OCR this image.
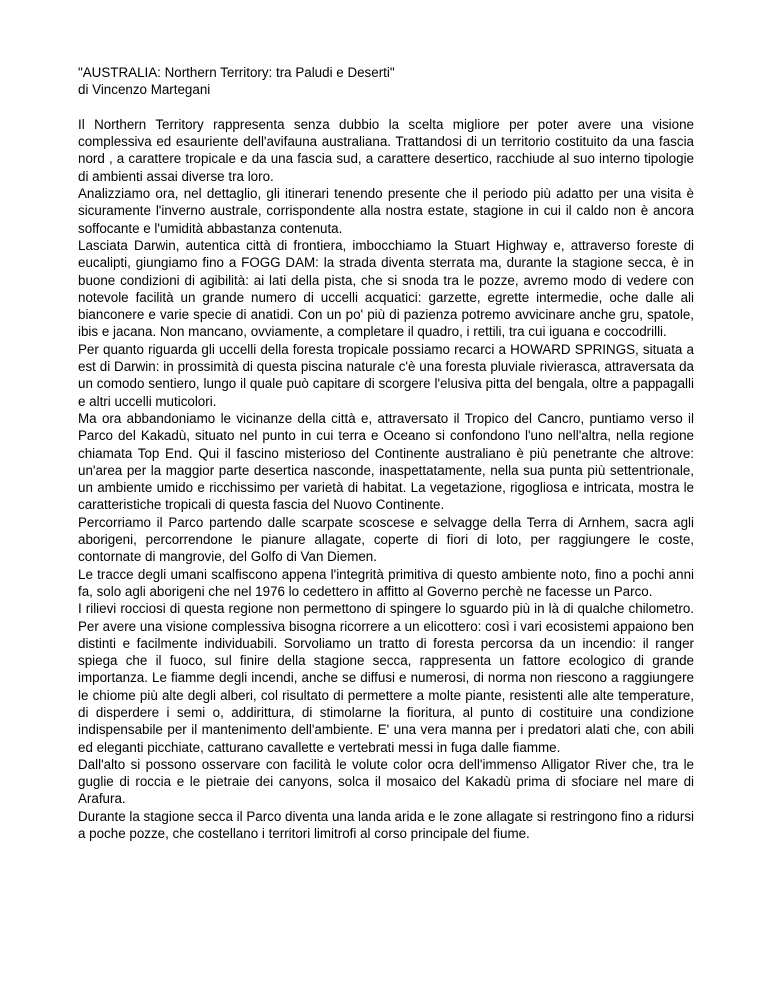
"AUSTRALIA: Northern Territory: tra Paludi e Deserti"

di Vincenzo Martegani

Il Northern Territory rappresenta senza dubbio la scelta migliore per poter avere una visione complessiva ed esauriente dell'avifauna australiana. Trattandosi di un territorio costituito da una fascia nord , a carattere tropicale e da una fascia sud, a carattere desertico, racchiude al suo interno tipologie di ambienti assai diverse tra loro.

Analizziamo ora, nel dettaglio, gli itinerari tenendo presente che il periodo più adatto per una visita è sicuramente l'inverno australe, corrispondente alla nostra estate, stagione in cui il caldo non è ancora soffocante e l'umidità abbastanza contenuta.

Lasciata Darwin, autentica città di frontiera, imbocchiamo la Stuart Highway e, attraverso foreste di eucalipti, giungiamo fino a FOGG DAM: la strada diventa sterrata ma, durante la stagione secca, è in buone condizioni di agibilità: ai lati della pista, che si snoda tra le pozze, avremo modo di vedere con notevole facilità un grande numero di uccelli acquatici: garzette, egrette intermedie, oche dalle ali bianconere e varie specie di anatidi. Con un po' più di pazienza potremo avvicinare anche gru, spatole, ibis e jacana. Non mancano, ovviamente, a completare il quadro, i rettili, tra cui iguana e coccodrilli.

Per quanto riguarda gli uccelli della foresta tropicale possiamo recarci a HOWARD SPRINGS, situata a est di Darwin: in prossimità di questa piscina naturale c'è una foresta pluviale rivierasca, attraversata da un comodo sentiero, lungo il quale può capitare di scorgere l'elusiva pitta del bengala, oltre a pappagalli e altri uccelli muticolori.

Ma ora abbandoniamo le vicinanze della città e, attraversato il Tropico del Cancro, puntiamo verso il Parco del Kakadù, situato nel punto in cui terra e Oceano si confondono l'uno nell'altra, nella regione chiamata Top End. Qui il fascino misterioso del Continente australiano è più penetrante che altrove: un'area per la maggior parte desertica nasconde, inaspettatamente, nella sua punta più settentrionale, un ambiente umido e ricchissimo per varietà di habitat. La vegetazione, rigogliosa e intricata, mostra le caratteristiche tropicali di questa fascia del Nuovo Continente.

Percorriamo il Parco partendo dalle scarpate scoscese e selvagge della Terra di Arnhem, sacra agli aborigeni, percorrendone le pianure allagate, coperte di fiori di loto, per raggiungere le coste, contornate di mangrovie, del Golfo di Van Diemen.

Le tracce degli umani scalfiscono appena l'integrità primitiva di questo ambiente noto, fino a pochi anni fa, solo agli aborigeni che nel 1976 lo cedettero in affitto al Governo perchè ne facesse un Parco.

I rilievi rocciosi di questa regione non permettono di spingere lo sguardo più in là di qualche chilometro. Per avere una visione complessiva bisogna ricorrere a un elicottero: così i vari ecosistemi appaiono ben distinti e facilmente individuabili. Sorvoliamo un tratto di foresta percorsa da un incendio: il ranger spiega che il fuoco, sul finire della stagione secca, rappresenta un fattore ecologico di grande importanza. Le fiamme degli incendi, anche se diffusi e numerosi, di norma non riescono a raggiungere le chiome più alte degli alberi, col risultato di permettere a molte piante, resistenti alle alte temperature, di disperdere i semi o, addirittura, di stimolarne la fioritura, al punto di costituire una condizione indispensabile per il mantenimento dell'ambiente. E' una vera manna per i predatori alati che, con abili ed eleganti picchiate, catturano cavallette e vertebrati messi in fuga dalle fiamme.

Dall'alto si possono osservare con facilità le volute color ocra dell'immenso Alligator River che, tra le guglie di roccia e le pietraie dei canyons, solca il mosaico del Kakadù prima di sfociare nel mare di Arafura.

Durante la stagione secca il Parco diventa una landa arida e le zone allagate si restringono fino a ridursi a poche pozze, che costellano i territori limitrofi al corso principale del fiume.
